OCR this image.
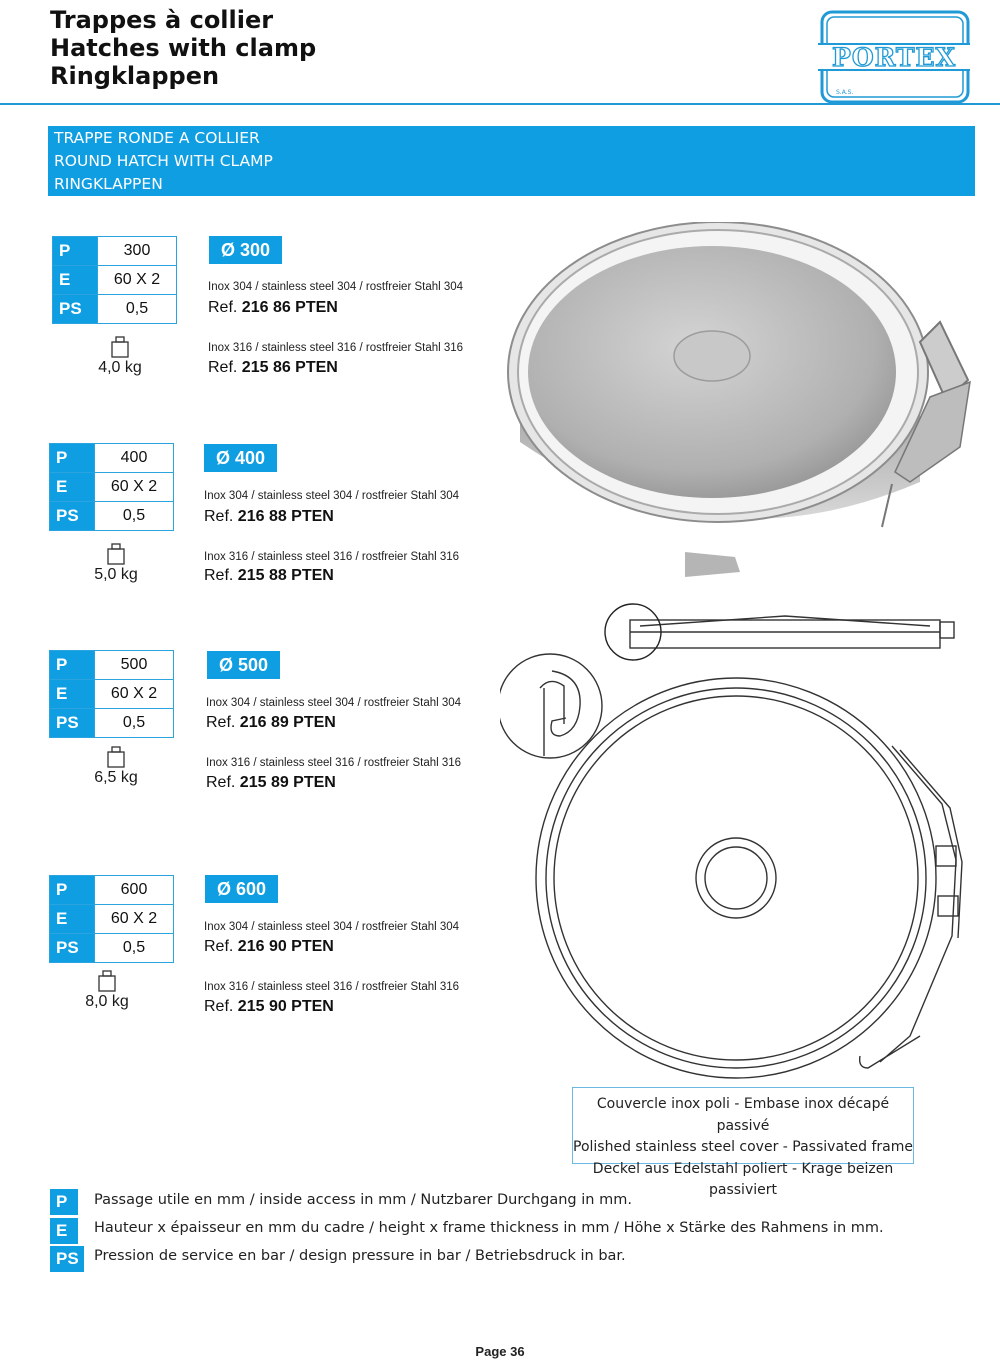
Trappes à collier
Hatches with clamp
Ringklappen
PORTEX
S.A.S.
TRAPPE RONDE A COLLIER
ROUND HATCH WITH CLAMP
RINGKLAPPEN
P	300
E	60 X 2
PS	0,5
4,0 kg
Ø 300
Inox 304 / stainless steel 304 / rostfreier Stahl 304
Ref. 216 86 PTEN
Inox 316 / stainless steel 316 / rostfreier Stahl 316
Ref. 215 86 PTEN
P	400
E	60 X 2
PS	0,5
5,0 kg
Ø 400
Inox 304 / stainless steel 304 / rostfreier Stahl 304
Ref. 216 88 PTEN
Inox 316 / stainless steel 316 / rostfreier Stahl 316
Ref. 215 88 PTEN
P	500
E	60 X 2
PS	0,5
6,5 kg
Ø 500
Inox 304 / stainless steel 304 / rostfreier Stahl 304
Ref. 216 89 PTEN
Inox 316 / stainless steel 316 / rostfreier Stahl 316
Ref. 215 89 PTEN
P	600
E	60 X 2
PS	0,5
8,0 kg
Ø 600
Inox 304 / stainless steel 304 / rostfreier Stahl 304
Ref. 216 90 PTEN
Inox 316 / stainless steel 316 / rostfreier Stahl 316
Ref. 215 90 PTEN
Couvercle inox poli - Embase inox décapé passivé
Polished stainless steel cover - Passivated frame
Deckel aus Edelstahl poliert - Krage beizen passiviert
P	Passage utile en mm / inside access in mm / Nutzbarer Durchgang in mm.
E	Hauteur x épaisseur en mm du cadre / height x frame thickness in mm / Höhe x Stärke des Rahmens in mm.
PS	Pression de service en bar / design pressure in bar / Betriebsdruck in bar.
Page 36
